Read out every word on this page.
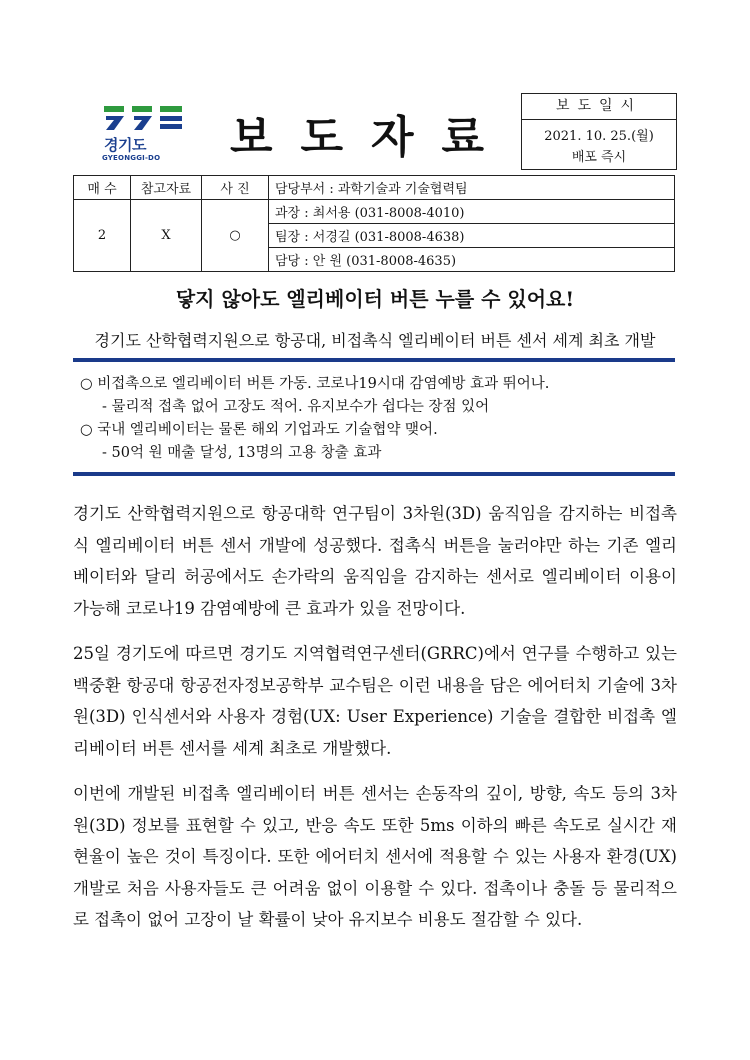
경기도
GYEONGGI-DO 보도자료
보도일시
2021. 10. 25.(월)
배포 즉시
매 수	참고자료	사 진	담당부서 : 과학기술과 기술협력팀
2	X	○	과장 : 최서용 (031-8008-4010)
			팀장 : 서경길 (031-8008-4638)
			담당 : 안 원 (031-8008-4635)
닿지 않아도 엘리베이터 버튼 누를 수 있어요!
경기도 산학협력지원으로 항공대, 비접촉식 엘리베이터 버튼 센서 세계 최초 개발
○ 비접촉으로 엘리베이터 버튼 가동. 코로나19시대 감염예방 효과 뛰어나.
- 물리적 접촉 없어 고장도 적어. 유지보수가 쉽다는 장점 있어
○ 국내 엘리베이터는 물론 해외 기업과도 기술협약 맺어.
- 50억 원 매출 달성, 13명의 고용 창출 효과

경기도 산학협력지원으로 항공대학 연구팀이 3차원(3D) 움직임을 감지하는 비접촉식 엘리베이터 버튼 센서 개발에 성공했다. 접촉식 버튼을 눌러야만 하는 기존 엘리베이터와 달리 허공에서도 손가락의 움직임을 감지하는 센서로 엘리베이터 이용이 가능해 코로나19 감염예방에 큰 효과가 있을 전망이다.

25일 경기도에 따르면 경기도 지역협력연구센터(GRRC)에서 연구를 수행하고 있는 백중환 항공대 항공전자정보공학부 교수팀은 이런 내용을 담은 에어터치 기술에 3차원(3D) 인식센서와 사용자 경험(UX: User Experience) 기술을 결합한 비접촉 엘리베이터 버튼 센서를 세계 최초로 개발했다.

이번에 개발된 비접촉 엘리베이터 버튼 센서는 손동작의 깊이, 방향, 속도 등의 3차원(3D) 정보를 표현할 수 있고, 반응 속도 또한 5ms 이하의 빠른 속도로 실시간 재현율이 높은 것이 특징이다. 또한 에어터치 센서에 적용할 수 있는 사용자 환경(UX) 개발로 처음 사용자들도 큰 어려움 없이 이용할 수 있다. 접촉이나 충돌 등 물리적으로 접촉이 없어 고장이 날 확률이 낮아 유지보수 비용도 절감할 수 있다.
